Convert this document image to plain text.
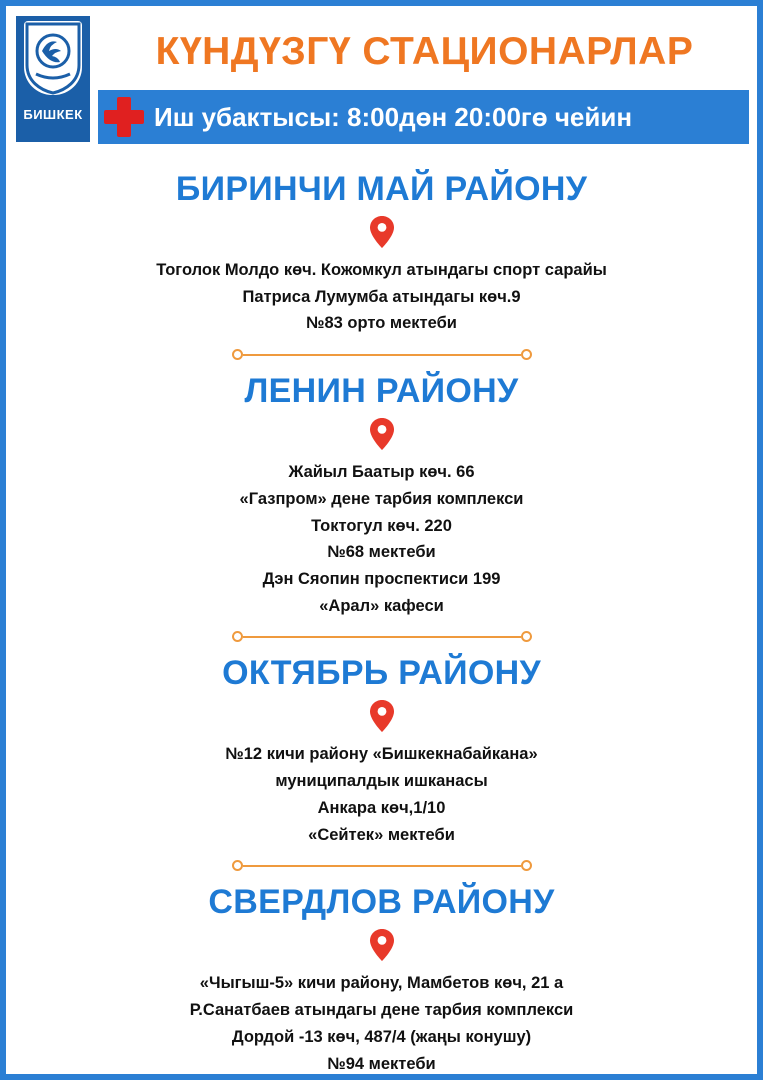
БИШКЕК
КҮНДҮЗГҮ СТАЦИОНАРЛАР
Иш убактысы: 8:00дөн 20:00гө чейин
БИРИНЧИ МАЙ РАЙОНУ
Тоголок Молдо көч. Кожомкул атындагы спорт сарайы
Патриса Лумумба атындагы көч.9
№83 орто мектеби
ЛЕНИН РАЙОНУ
Жайыл Баатыр көч. 66
«Газпром» дене тарбия комплекси
Токтогул көч. 220
№68 мектеби
Дэн Сяопин проспектиси 199
«Арал» кафеси
ОКТЯБРЬ РАЙОНУ
№12 кичи району «Бишкекнабайкана»
муниципалдык ишканасы
Анкара көч,1/10
«Сейтек» мектеби
СВЕРДЛОВ РАЙОНУ
«Чыгыш-5» кичи району, Мамбетов көч, 21 а
Р.Санатбаев атындагы дене тарбия комплекси
Дордой -13 көч, 487/4 (жаңы конушу)
№94 мектеби
